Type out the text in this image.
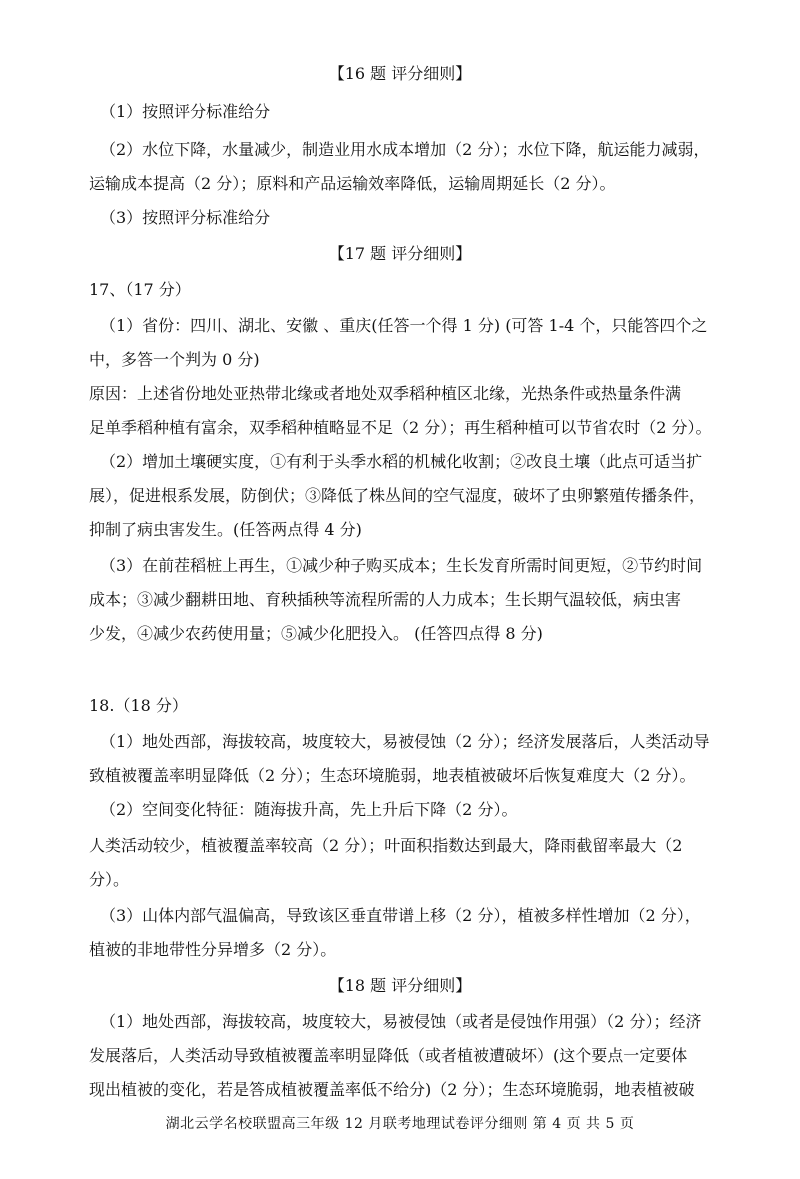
【16 题 评分细则】
（1）按照评分标准给分
（2）水位下降，水量减少，制造业用水成本增加（2 分）；水位下降，航运能力减弱，
运输成本提高（2 分）；原料和产品运输效率降低，运输周期延长（2 分）。
（3）按照评分标准给分
【17 题 评分细则】
17、（17 分）
（1）省份：四川、湖北、安徽 、重庆(任答一个得 1 分) (可答 1-4 个，只能答四个之
中，多答一个判为 0 分)
原因：上述省份地处亚热带北缘或者地处双季稻种植区北缘，光热条件或热量条件满
足单季稻种植有富余，双季稻种植略显不足（2 分）；再生稻种植可以节省农时（2 分）。
（2）增加土壤硬实度，①有利于头季水稻的机械化收割；②改良土壤（此点可适当扩
展），促进根系发展，防倒伏；③降低了株丛间的空气湿度，破坏了虫卵繁殖传播条件，
抑制了病虫害发生。(任答两点得 4 分)
（3）在前茬稻桩上再生，①减少种子购买成本；生长发育所需时间更短，②节约时间
成本；③减少翻耕田地、育秧插秧等流程所需的人力成本；生长期气温较低，病虫害
少发，④减少农药使用量；⑤减少化肥投入。 (任答四点得 8 分)
18.（18 分）
（1）地处西部，海拔较高，坡度较大，易被侵蚀（2 分）；经济发展落后，人类活动导
致植被覆盖率明显降低（2 分）；生态环境脆弱，地表植被破坏后恢复难度大（2 分）。
（2）空间变化特征：随海拔升高，先上升后下降（2 分）。
人类活动较少，植被覆盖率较高（2 分）；叶面积指数达到最大，降雨截留率最大（2
分）。
（3）山体内部气温偏高，导致该区垂直带谱上移（2 分），植被多样性增加（2 分），
植被的非地带性分异增多（2 分）。
【18 题 评分细则】
（1）地处西部，海拔较高，坡度较大，易被侵蚀（或者是侵蚀作用强）（2 分）；经济
发展落后，人类活动导致植被覆盖率明显降低（或者植被遭破坏）(这个要点一定要体
现出植被的变化，若是答成植被覆盖率低不给分)（2 分）；生态环境脆弱，地表植被破
湖北云学名校联盟高三年级 12 月联考地理试卷评分细则 第 4 页 共 5 页
